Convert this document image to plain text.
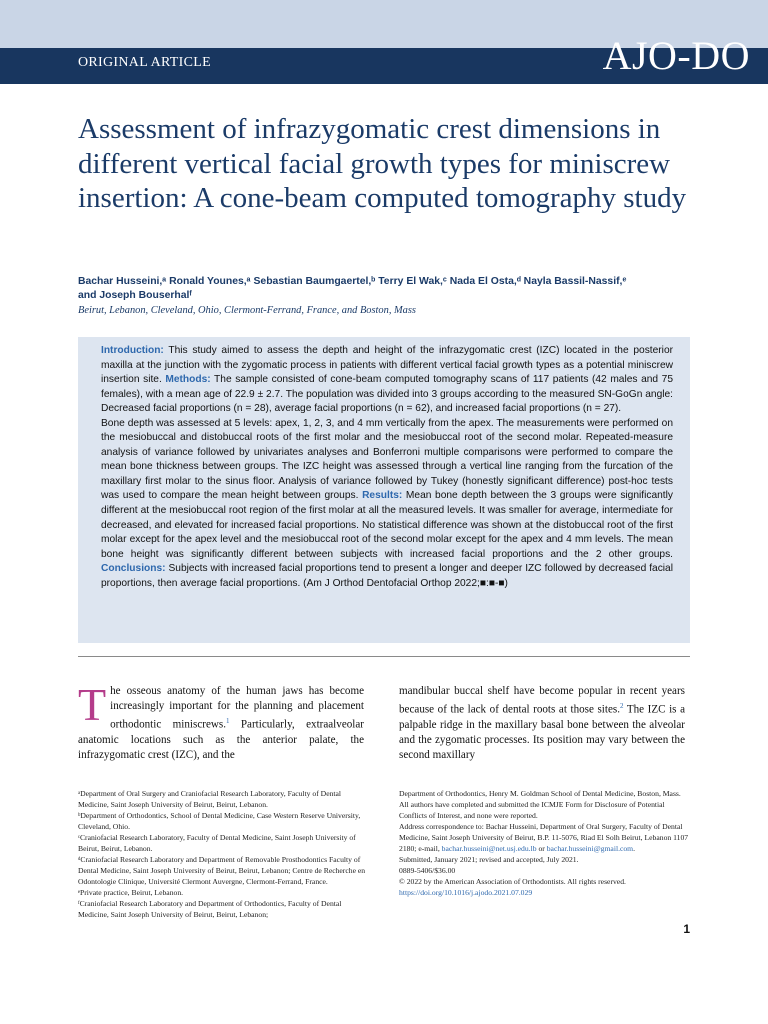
ORIGINAL ARTICLE	AJO-DO
Assessment of infrazygomatic crest dimensions in different vertical facial growth types for miniscrew insertion: A cone-beam computed tomography study
Bachar Husseini,ᵃ Ronald Younes,ᵃ Sebastian Baumgaertel,ᵇ Terry El Wak,ᶜ Nada El Osta,ᵈ Nayla Bassil-Nassif,ᵉ
and Joseph Bouserhalᶠ
Beirut, Lebanon, Cleveland, Ohio, Clermont-Ferrand, France, and Boston, Mass

Introduction: This study aimed to assess the depth and height of the infrazygomatic crest (IZC) located in the posterior maxilla at the junction with the zygomatic process in patients with different vertical facial growth types as a potential miniscrew insertion site. Methods: The sample consisted of cone-beam computed tomography scans of 117 patients (42 males and 75 females), with a mean age of 22.9 ± 2.7. The population was divided into 3 groups according to the measured SN-GoGn angle: Decreased facial proportions (n = 28), average facial proportions (n = 62), and increased facial proportions (n = 27).

Bone depth was assessed at 5 levels: apex, 1, 2, 3, and 4 mm vertically from the apex. The measurements were performed on the mesiobuccal and distobuccal roots of the first molar and the mesiobuccal root of the second molar. Repeated-measure analysis of variance followed by univariates analyses and Bonferroni multiple comparisons were performed to compare the mean bone thickness between groups. The IZC height was assessed through a vertical line ranging from the furcation of the maxillary first molar to the sinus floor. Analysis of variance followed by Tukey (honestly significant difference) post-hoc tests was used to compare the mean height between groups. Results: Mean bone depth between the 3 groups were significantly different at the mesiobuccal root region of the first molar at all the measured levels. It was smaller for average, intermediate for decreased, and elevated for increased facial proportions. No statistical difference was shown at the distobuccal root of the first molar except for the apex level and the mesiobuccal root of the second molar except for the apex and 4 mm levels. The mean bone height was significantly different between subjects with increased facial proportions and the 2 other groups. Conclusions: Subjects with increased facial proportions tend to present a longer and deeper IZC followed by decreased facial proportions, then average facial proportions. (Am J Orthod Dentofacial Orthop 2022;■:■-■)

The osseous anatomy of the human jaws has become increasingly important for the planning and placement orthodontic miniscrews.$^1$ Particularly, extraalveolar anatomic locations such as the anterior palate, the infrazygomatic crest (IZC), and the

mandibular buccal shelf have become popular in recent years because of the lack of dental roots at those sites.$^2$ The IZC is a palpable ridge in the maxillary basal bone between the alveolar and the zygomatic processes. Its position may vary between the second maxillary

ᵃDepartment of Oral Surgery and Craniofacial Research Laboratory, Faculty of Dental Medicine, Saint Joseph University of Beirut, Beirut, Lebanon.

ᵇDepartment of Orthodontics, School of Dental Medicine, Case Western Reserve University, Cleveland, Ohio.

ᶜCraniofacial Research Laboratory, Faculty of Dental Medicine, Saint Joseph University of Beirut, Beirut, Lebanon.

ᵈCraniofacial Research Laboratory and Department of Removable Prosthodontics Faculty of Dental Medicine, Saint Joseph University of Beirut, Beirut, Lebanon; Centre de Recherche en Odontologie Clinique, Université Clermont Auvergne, Clermont-Ferrand, France.

ᵉPrivate practice, Beirut, Lebanon.

ᶠCraniofacial Research Laboratory and Department of Orthodontics, Faculty of Dental Medicine, Saint Joseph University of Beirut, Beirut, Lebanon;

Department of Orthodontics, Henry M. Goldman School of Dental Medicine, Boston, Mass.

All authors have completed and submitted the ICMJE Form for Disclosure of Potential Conflicts of Interest, and none were reported.

Address correspondence to: Bachar Husseini, Department of Oral Surgery, Faculty of Dental Medicine, Saint Joseph University of Beirut, B.P. 11-5076, Riad El Solh Beirut, Lebanon 1107 2180; e-mail, bachar.husseini@net.usj.edu.lb or bachar.husseini@gmail.com.

Submitted, January 2021; revised and accepted, July 2021.

0889-5406/$36.00

© 2022 by the American Association of Orthodontists. All rights reserved.

https://doi.org/10.1016/j.ajodo.2021.07.029

1
